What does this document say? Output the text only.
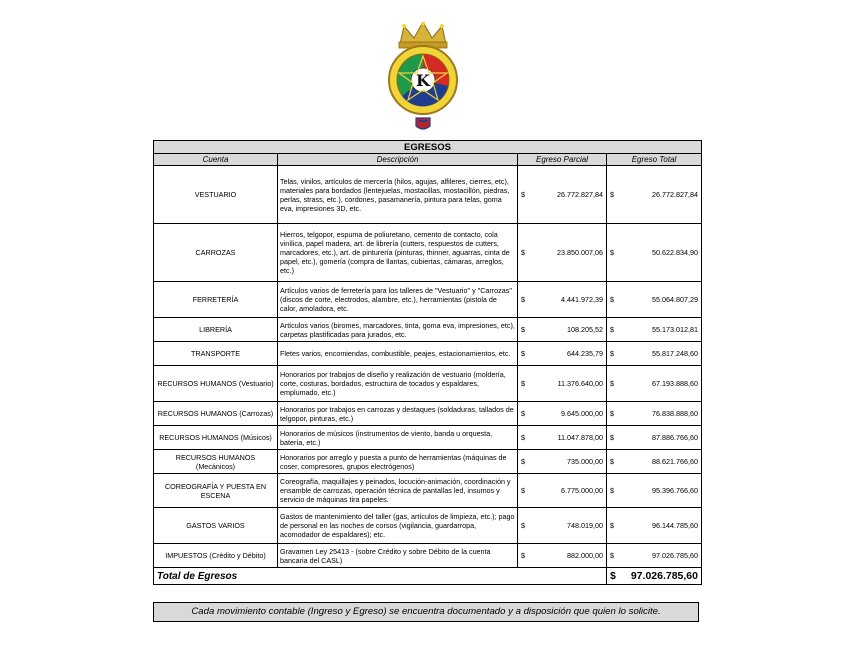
K
EGRESOS			
Cuenta	Descripción	Egreso Parcial	Egreso Total
VESTUARIO	Telas, vinilos, artículos de mercería (hilos, agujas, alfileres, cierres, etc), materiales para bordados (lentejuelas, mostacillas, mostacillón, piedras, perlas, strass, etc.), cordones, pasamanería, pintura para telas, goma eva, impresiones 3D, etc.	$ 26.772.827,84	$ 26.772.827,84

CARROZAS	Hierros, telgopor, espuma de poliuretano, cemento de contacto, cola vinílica, papel madera, art. de librería (cutters, respuestos de cutters, marcadores, etc.), art. de pinturería (pinturas, thinner, aguarras, cinta de papel, etc.), gomería (compra de llantas, cubiertas, cámaras, arreglos, etc.)	$ 23.850.007,06	$ 50.622.834,90

FERRETERÍA	Artículos varios de ferretería para los talleres de "Vestuario" y "Carrozas" (discos de corte, electrodos, alambre, etc.), herramientas (pistola de calor, amoladora, etc.	$ 4.441.972,39	$ 55.064.807,29

LIBRERÍA	Artículos varios (biromes, marcadores, tinta, goma eva, impresiones, etc), carpetas plastificadas para jurados, etc.	$ 108.205,52	$ 55.173.012,81

TRANSPORTE	Fletes varios, encomiendas, combustible, peajes, estacionamientos, etc.	$ 644.235,79	$ 55.817.248,60

RECURSOS HUMANOS (Vestuario)	Honorarios por trabajos de diseño y realización de vestuario (moldería, corte, costuras, bordados, estructura de tocados y espaldares, emplumado, etc.)	$ 11.376.640,00	$ 67.193.888,60

RECURSOS HUMANOS (Carrozas)	Honorarios por trabajos en carrozas y destaques (soldaduras, tallados de telgopor, pinturas, etc.)	$ 9.645.000,00	$ 76.838.888,60

RECURSOS HUMANOS (Músicos)	Honorarios de músicos (instrumentos de viento, banda u orquesta, batería, etc.)	$ 11.047.878,00	$ 87.886.766,60

RECURSOS HUMANOS (Mecánicos)	Honorarios por arreglo y puesta a punto de herramientas (máquinas de coser, compresores, grupos electrógenos)	$ 735.000,00	$ 88.621.766,60

COREOGRAFÍA Y PUESTA EN ESCENA	Coreografía, maquillajes y peinados, locución-animación, coordinación y ensamble de carrozas, operación técnica de pantallas led, insumos y servicio de máquinas tira papeles.	$ 6.775.000,00	$ 95.396.766,60

GASTOS VARIOS	Gastos de mantenimiento del taller (gas, artículos de limpieza, etc.); pago de personal en las noches de corsos (vigilancia, guardarropa, acomodador de espaldares); etc.	$ 748.019,00	$ 96.144.785,60

IMPUESTOS (Crédito y Débito)	Gravamen Ley 25413 - (sobre Crédito y sobre Débito de la cuenta bancaria del CASL)	$ 882.000,00	$ 97.026.785,60

Total de Egresos			$ 97.026.785,60
Cada movimiento contable (Ingreso y Egreso) se encuentra documentado y a disposición que quien lo solicite.
